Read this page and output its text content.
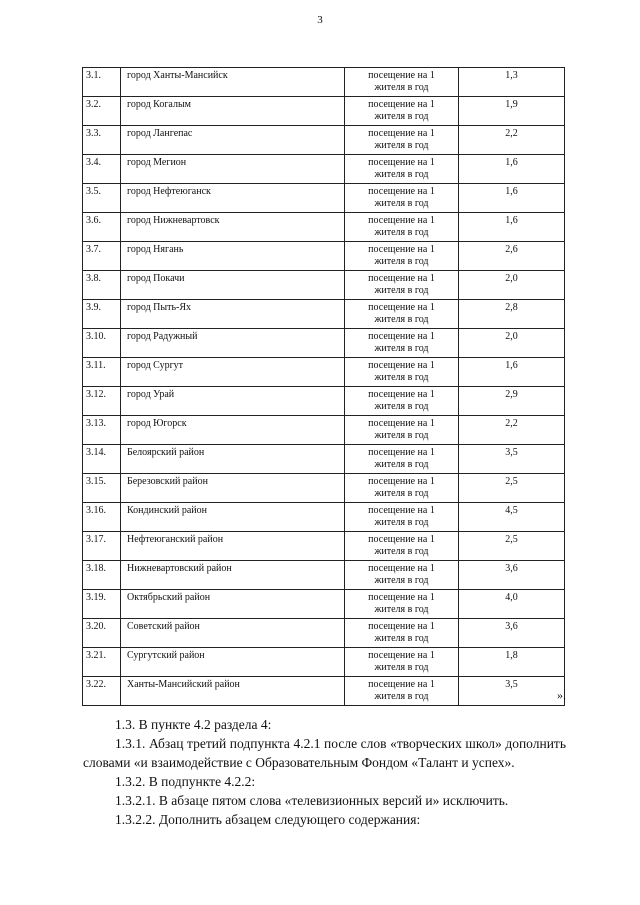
3
3.1.	город Ханты-Мансийск	посещение на 1
жителя в год	1,3
3.2.	город Когалым	посещение на 1
жителя в год	1,9
3.3.	город Лангепас	посещение на 1
жителя в год	2,2
3.4.	город Мегион	посещение на 1
жителя в год	1,6
3.5.	город Нефтеюганск	посещение на 1
жителя в год	1,6
3.6.	город Нижневартовск	посещение на 1
жителя в год	1,6
3.7.	город Нягань	посещение на 1
жителя в год	2,6
3.8.	город Покачи	посещение на 1
жителя в год	2,0
3.9.	город Пыть-Ях	посещение на 1
жителя в год	2,8
3.10.	город Радужный	посещение на 1
жителя в год	2,0
3.11.	город Сургут	посещение на 1
жителя в год	1,6
3.12.	город Урай	посещение на 1
жителя в год	2,9
3.13.	город Югорск	посещение на 1
жителя в год	2,2
3.14.	Белоярский район	посещение на 1
жителя в год	3,5
3.15.	Березовский район	посещение на 1
жителя в год	2,5
3.16.	Кондинский район	посещение на 1
жителя в год	4,5
3.17.	Нефтеюганский район	посещение на 1
жителя в год	2,5
3.18.	Нижневартовский район	посещение на 1
жителя в год	3,6
3.19.	Октябрьский район	посещение на 1
жителя в год	4,0
3.20.	Советский район	посещение на 1
жителя в год	3,6
3.21.	Сургутский район	посещение на 1
жителя в год	1,8
3.22.	Ханты-Мансийский район	посещение на 1
жителя в год	3,5
».

1.3. В пункте 4.2 раздела 4:

1.3.1. Абзац третий подпункта 4.2.1 после слов «творческих школ» дополнить словами «и взаимодействие с Образовательным Фондом «Талант и успех».

1.3.2. В подпункте 4.2.2:

1.3.2.1. В абзаце пятом слова «телевизионных версий и» исключить.

1.3.2.2. Дополнить абзацем следующего содержания:
